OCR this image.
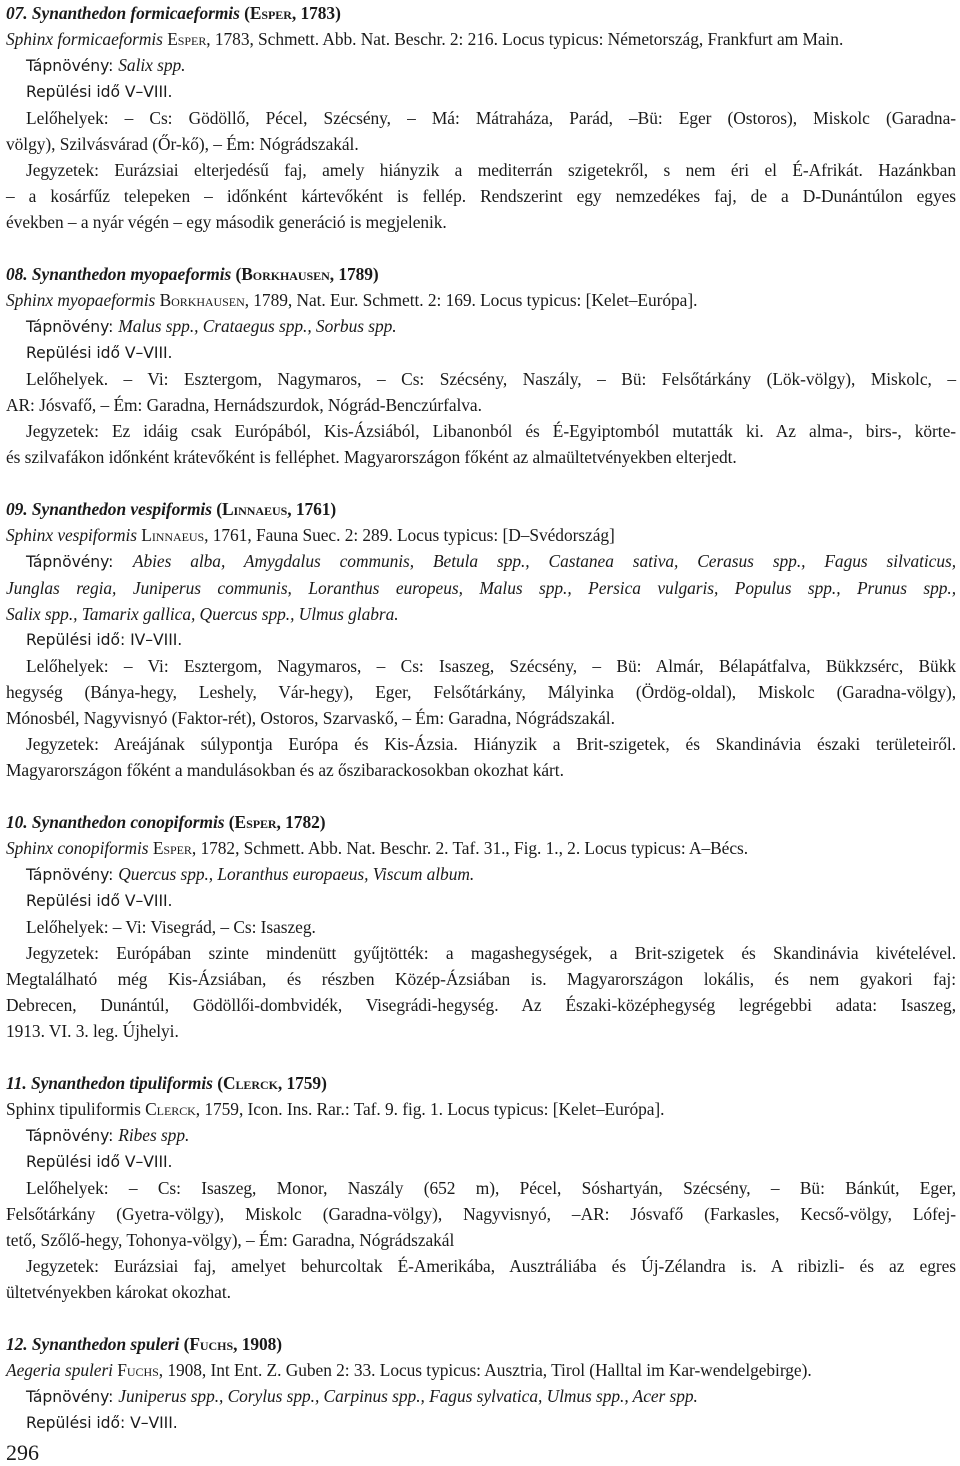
07. Synanthedon formicaeformis (Esper, 1783)

Sphinx formicaeformis Esper, 1783, Schmett. Abb. Nat. Beschr. 2: 216. Locus typicus: Németország, Frankfurt am Main.

Tápnövény: Salix spp.

Repülési idő V–VIII.

Lelőhelyek: – Cs: Gödöllő, Pécel, Szécsény, – Má: Mátraháza, Parád, –Bü: Eger (Ostoros), Miskolc (Garadna-

völgy), Szilvásvárad (Őr-kő), – Ém: Nógrádszakál.

Jegyzetek: Eurázsiai elterjedésű faj, amely hiányzik a mediterrán szigetekről, s nem éri el É-Afrikát. Hazánkban

– a kosárfűz telepeken – időnként kártevőként is fellép. Rendszerint egy nemzedékes faj, de a D-Dunántúlon egyes

években – a nyár végén – egy második generáció is megjelenik.

08. Synanthedon myopaeformis (Borkhausen, 1789)

Sphinx myopaeformis Borkhausen, 1789, Nat. Eur. Schmett. 2: 169. Locus typicus: [Kelet–Európa].

Tápnövény: Malus spp., Crataegus spp., Sorbus spp.

Repülési idő V–VIII.

Lelőhelyek. – Vi: Esztergom, Nagymaros, – Cs: Szécsény, Naszály, – Bü: Felsőtárkány (Lök-völgy), Miskolc, –

AR: Jósvafő, – Ém: Garadna, Hernádszurdok, Nógrád-Benczúrfalva.

Jegyzetek: Ez idáig csak Európából, Kis-Ázsiából, Libanonból és É-Egyiptomból mutatták ki. Az alma-, birs-, körte-

és szilvafákon időnként krátevőként is felléphet. Magyarországon főként az almaültetvényekben elterjedt.

09. Synanthedon vespiformis (Linnaeus, 1761)

Sphinx vespiformis Linnaeus, 1761, Fauna Suec. 2: 289. Locus typicus: [D–Svédország]

Tápnövény: Abies alba, Amygdalus communis, Betula spp., Castanea sativa, Cerasus spp., Fagus silvaticus,

Junglas regia, Juniperus communis, Loranthus europeus, Malus spp., Persica vulgaris, Populus spp., Prunus spp.,

Salix spp., Tamarix gallica, Quercus spp., Ulmus glabra.

Repülési idő: IV–VIII.

Lelőhelyek: – Vi: Esztergom, Nagymaros, – Cs: Isaszeg, Szécsény, – Bü: Almár, Bélapátfalva, Bükkzsérc, Bükk

hegység (Bánya-hegy, Leshely, Vár-hegy), Eger, Felsőtárkány, Mályinka (Ördög-oldal), Miskolc (Garadna-völgy),

Mónosbél, Nagyvisnyó (Faktor-rét), Ostoros, Szarvaskő, – Ém: Garadna, Nógrádszakál.

Jegyzetek: Areájának súlypontja Európa és Kis-Ázsia. Hiányzik a Brit-szigetek, és Skandinávia északi területeiről.

Magyarországon főként a mandulásokban és az őszibarackosokban okozhat kárt.

10. Synanthedon conopiformis (Esper, 1782)

Sphinx conopiformis Esper, 1782, Schmett. Abb. Nat. Beschr. 2. Taf. 31., Fig. 1., 2. Locus typicus: A–Bécs.

Tápnövény: Quercus spp., Loranthus europaeus, Viscum album.

Repülési idő V–VIII.

Lelőhelyek: – Vi: Visegrád, – Cs: Isaszeg.

Jegyzetek: Európában szinte mindenütt gyűjtötték: a magashegységek, a Brit-szigetek és Skandinávia kivételével.

Megtalálható még Kis-Ázsiában, és részben Közép-Ázsiában is. Magyarországon lokális, és nem gyakori faj:

Debrecen, Dunántúl, Gödöllői-dombvidék, Visegrádi-hegység. Az Északi-középhegység legrégebbi adata: Isaszeg,

1913. VI. 3. leg. Újhelyi.

11. Synanthedon tipuliformis (Clerck, 1759)

Sphinx tipuliformis Clerck, 1759, Icon. Ins. Rar.: Taf. 9. fig. 1. Locus typicus: [Kelet–Európa].

Tápnövény: Ribes spp.

Repülési idő V–VIII.

Lelőhelyek: – Cs: Isaszeg, Monor, Naszály (652 m), Pécel, Sóshartyán, Szécsény, – Bü: Bánkút, Eger,

Felsőtárkány (Gyetra-völgy), Miskolc (Garadna-völgy), Nagyvisnyó, –AR: Jósvafő (Farkasles, Kecső-völgy, Lófej-

tető, Szőlő-hegy, Tohonya-völgy), – Ém: Garadna, Nógrádszakál

Jegyzetek: Eurázsiai faj, amelyet behurcoltak É-Amerikába, Ausztráliába és Új-Zélandra is. A ribizli- és az egres

ültetvényekben károkat okozhat.

12. Synanthedon spuleri (Fuchs, 1908)

Aegeria spuleri Fuchs, 1908, Int Ent. Z. Guben 2: 33. Locus typicus: Ausztria, Tirol (Halltal im Kar-wendelgebirge).

Tápnövény: Juniperus spp., Corylus spp., Carpinus spp., Fagus sylvatica, Ulmus spp., Acer spp.

Repülési idő: V–VIII.

296
